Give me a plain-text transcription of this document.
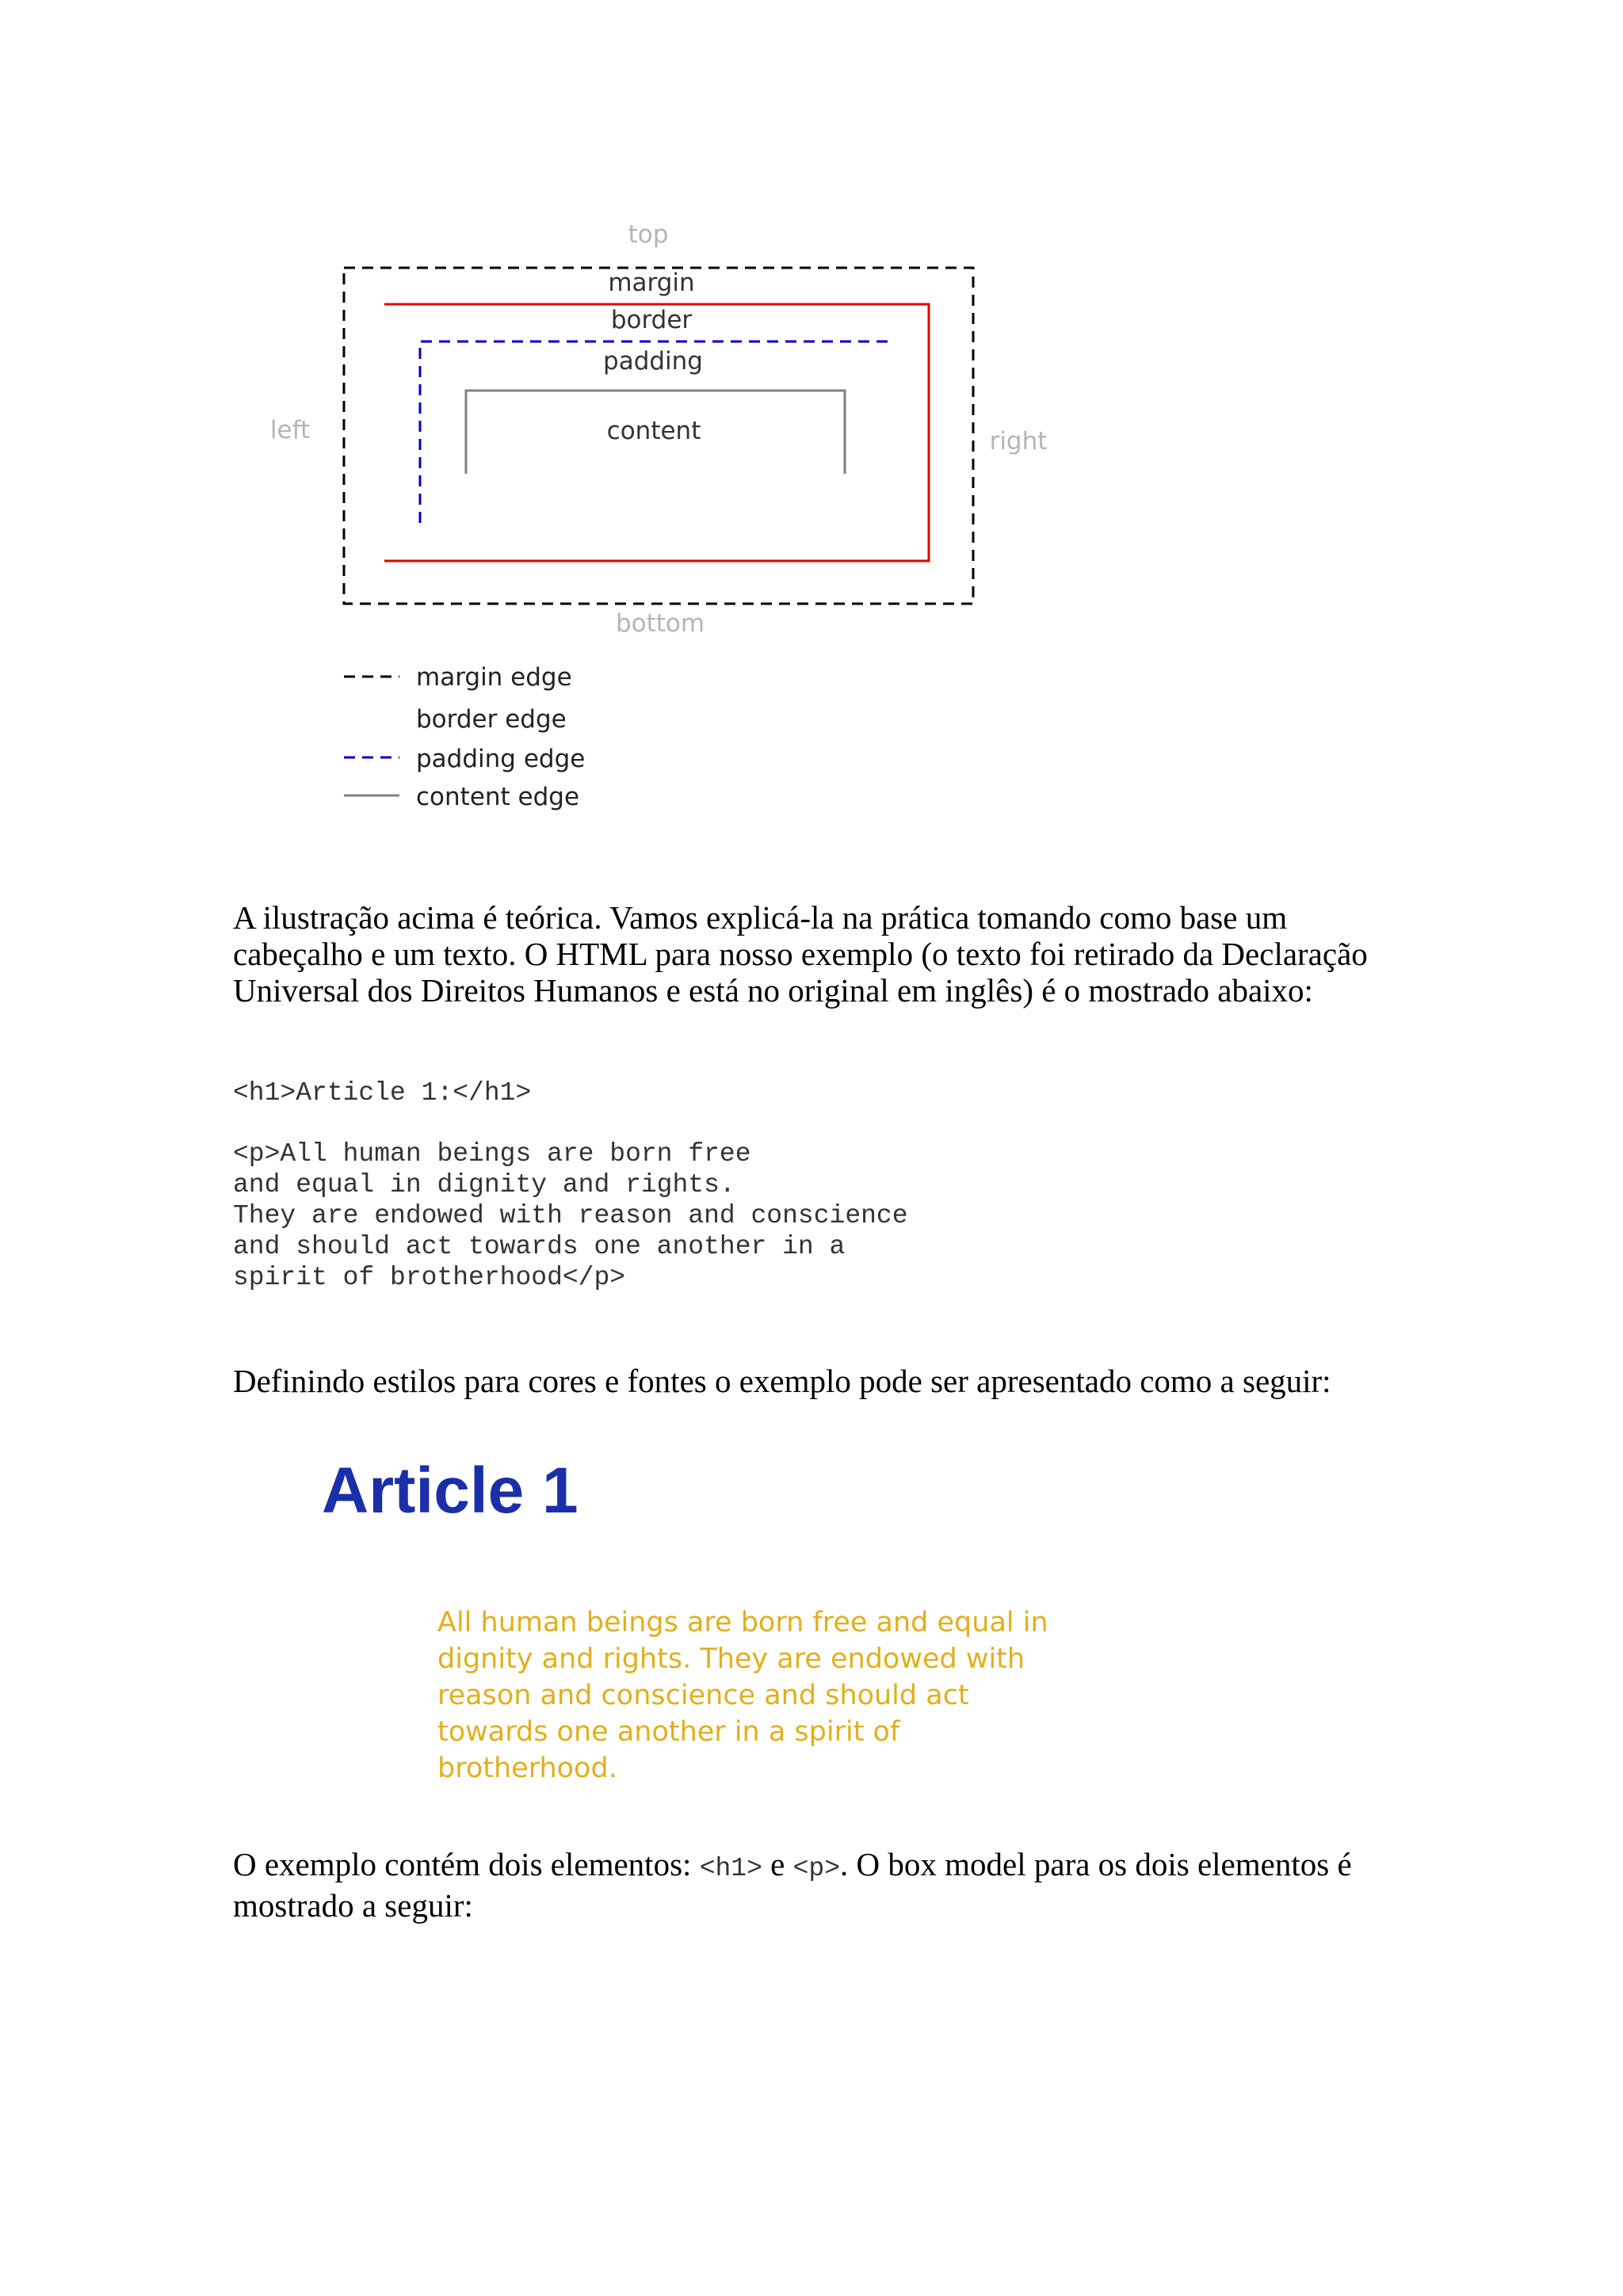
top
margin
border
padding
content
left	right
bottom
margin edge
border edge
padding edge
content edge

A ilustração acima é teórica. Vamos explicá-la na prática tomando como base um cabeçalho e um texto. O HTML para nosso exemplo (o texto foi retirado da Declaração Universal dos Direitos Humanos e está no original em inglês) é o mostrado abaixo:

<h1>Article 1:</h1>
<p>All human beings are born free
and equal in dignity and rights.
They are endowed with reason and conscience
and should act towards one another in a
spirit of brotherhood</p>

Definindo estilos para cores e fontes o exemplo pode ser apresentado como a seguir:

Article 1

All human beings are born free and equal in dignity and rights. They are endowed with reason and conscience and should act towards one another in a spirit of brotherhood.

O exemplo contém dois elementos: <h1> e <p>. O box model para os dois elementos é mostrado a seguir:
